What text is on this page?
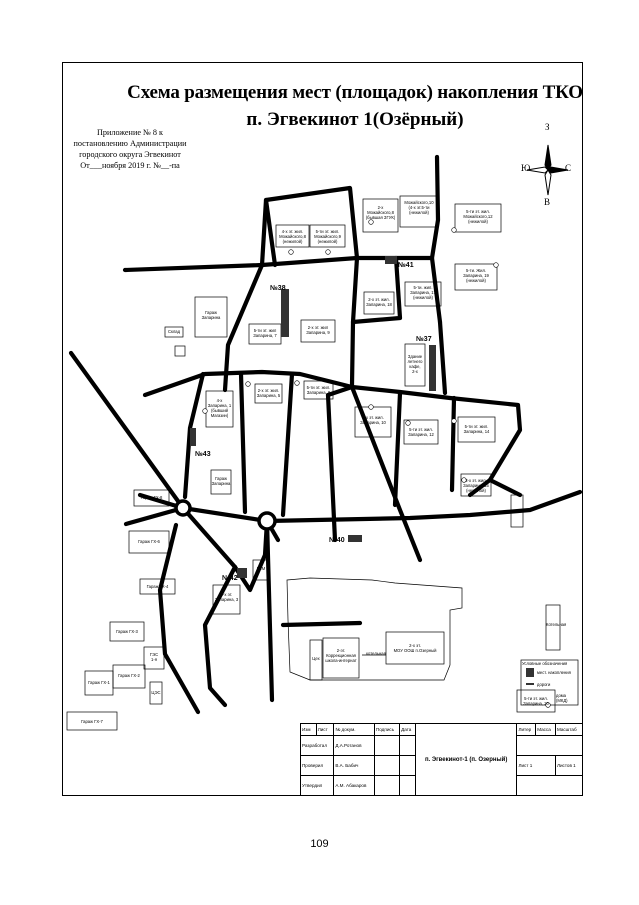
Схема размещения мест (площадок) накопления ТКО
п. Эгвекинот 1(Озёрный)
Приложение № 8 к
постановлению Администрации
городского округа Эгвекинот
От___ноября 2019 г. №__-па
З
В
Ю	С
№38
№41
№37
№43
№40
№42
4-х эт. жил.
Можайского,8
(нежилой)
5-ти эт. жил.
Можайского,9
(нежилой)
2-х
Можайского,8
(бывшая ЗГУК)
Можайского,10
(4-х эт.5-ти
(нежилой)	5-ти эт. жил.
Можайского,12
(нежилой)
5-ти. Жил.
Запарина, 19
(нежилой)
5-ти. жил.
Запарина, 17
(нежилой)
2-х эт. жил.
Запарина, 18
5-ти эт. жил
Запарина, 7
2-х эт. жил
Запарина, 9
Здание
летнего
кафе,
2-х
2-х эт. жил.
Запарина, 5
5-ти эт. жил.
Запарина, 8
2-х эт. жил.
Запарина, 10
5-ти эт. жил.
Запарина, 12
5-ти эт. жил.
Запарина, 14
2-х эт. жил.
Запарина, 15
(нежилой)
4-х
Запарина, 1
(бывший
Магазин)
Гараж
Запарина
Гараж ГХ-8
Гараж ГХ-6
Гараж ГХ-4
Гараж ГХ-3
ГЭС
1-я
Гараж ГХ-2
Гараж ГХ-1
Гараж ГХ-7
2-эт.
Коррекционная
школа-интернат
2-х эт.
МОУ ООШ п.Озерный
Цех
3-х эт.
Запарина, 3
5-ти эт. жил.
Запарина, 20
ЦЭС
ГСМ
котельная
Гараж
Запарина
Склад
Котельная
Условные обозначения
мест. накопления
дороги
дома (МКД)
Изм	Лист	№ докум.	Подпись	Дата	п. Эгвекинот-1 (п. Озерный)	Литер	Масса	Масштаб
Разработал		Д.А.Ротанов						
Проверил		В.А. Бабич				Лист 1		Листов 1
Утвердил		А.М. Абакаров						
109
